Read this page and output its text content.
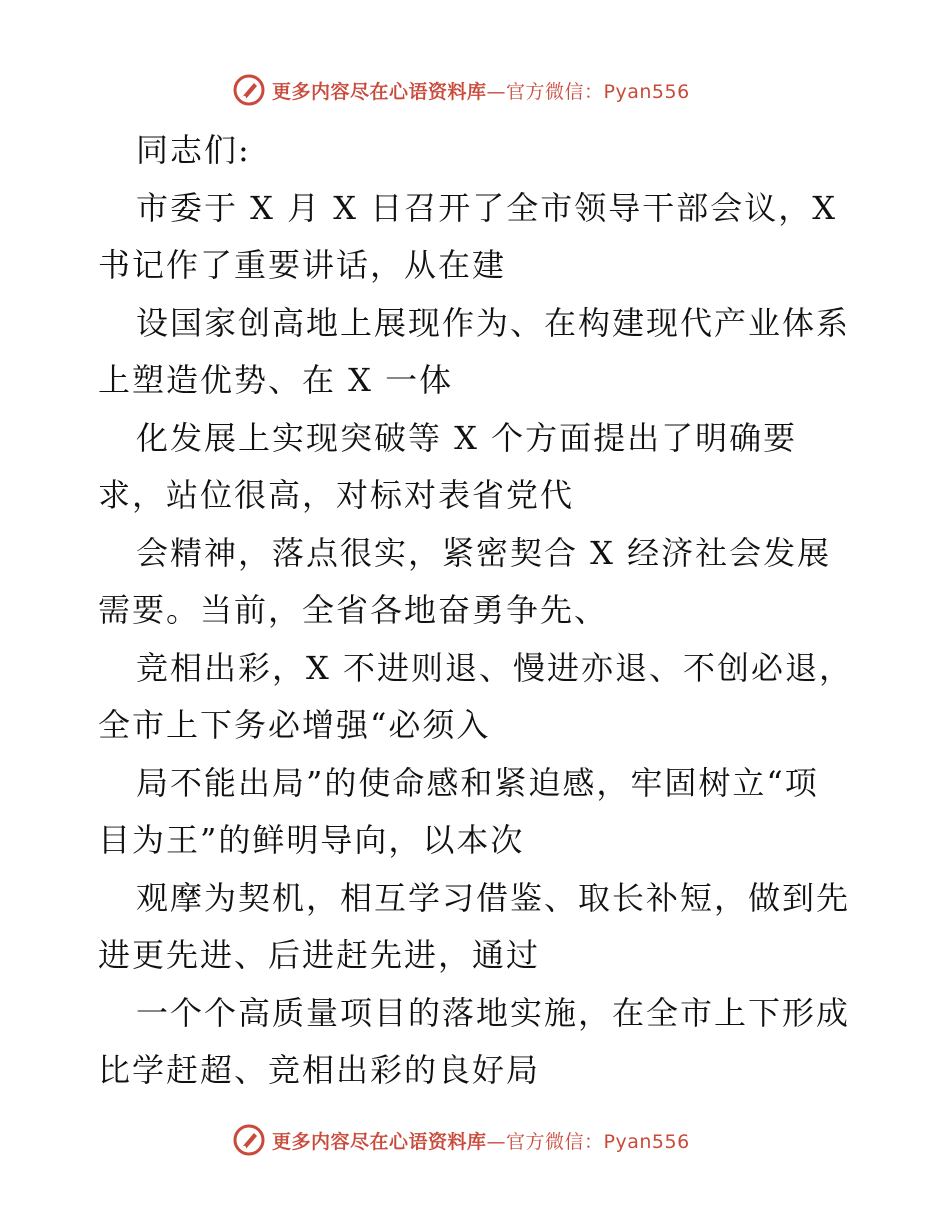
更多内容尽在心语资料库 —官方微信：Pyan556
同志们:
市委于 X 月 X 日召开了全市领导干部会议，X
书记作了重要讲话，从在建
设国家创高地上展现作为、在构建现代产业体系
上塑造优势、在 X 一体
化发展上实现突破等 X 个方面提出了明确要
求，站位很高，对标对表省党代
会精神，落点很实，紧密契合 X 经济社会发展
需要。当前，全省各地奋勇争先、
竞相出彩，X 不进则退、慢进亦退、不创必退，
全市上下务必增强“必须入
局不能出局”的使命感和紧迫感，牢固树立“项
目为王”的鲜明导向，以本次
观摩为契机，相互学习借鉴、取长补短，做到先
进更先进、后进赶先进，通过
一个个高质量项目的落地实施，在全市上下形成
比学赶超、竞相出彩的良好局
更多内容尽在心语资料库 —官方微信：Pyan556
